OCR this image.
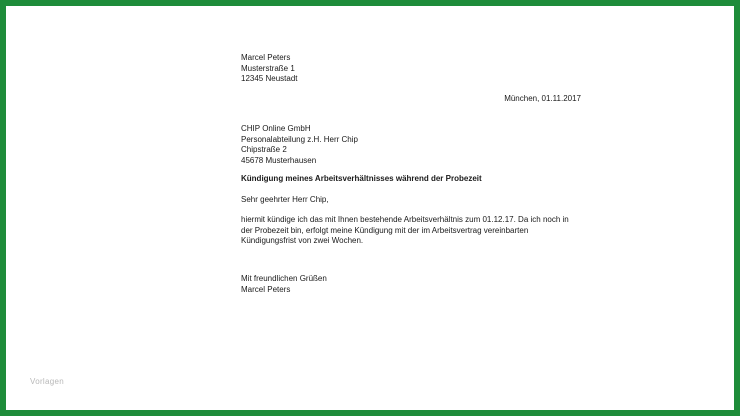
Marcel Peters
Musterstraße 1
12345 Neustadt
München, 01.11.2017
CHIP Online GmbH
Personalabteilung z.H. Herr Chip
Chipstraße 2
45678 Musterhausen
Kündigung meines Arbeitsverhältnisses während der Probezeit
Sehr geehrter Herr Chip,
hiermit kündige ich das mit Ihnen bestehende Arbeitsverhältnis zum 01.12.17. Da ich noch in der Probezeit bin, erfolgt meine Kündigung mit der im Arbeitsvertrag vereinbarten Kündigungsfrist von zwei Wochen.
Mit freundlichen Grüßen
Marcel Peters
Vorlagen
